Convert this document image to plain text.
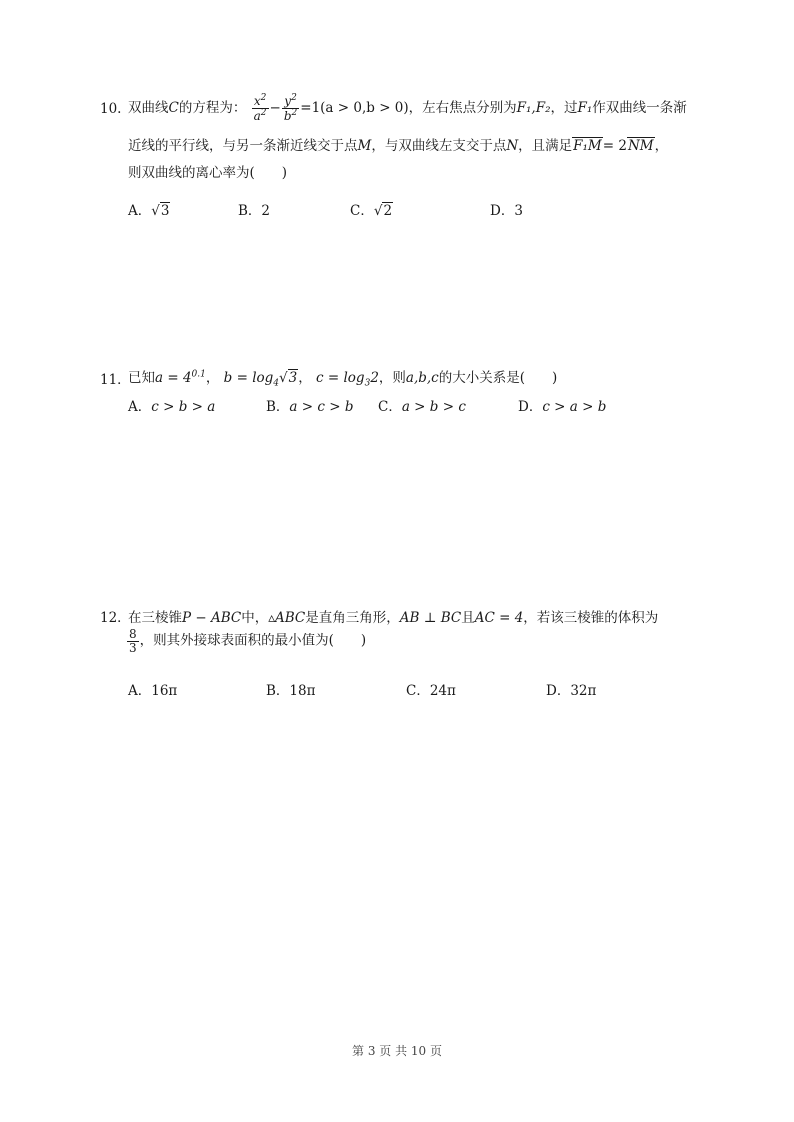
10. 双曲线C的方程为： $\frac{x^2}{a^2} - \frac{y^2}{b^2} =1(a > 0,b > 0)$，左右焦点分别为F₁,F₂，过F₁作双曲线一条渐
近线的平行线，与另一条渐近线交于点M，与双曲线左支交于点N，且满足F₁M= 2NM，
则双曲线的离心率为(　　)
A．√3	B．2	C．√2	D．3
11．
已知$a = 4^{0.1}$， $b = \log_4√3$， $c = \log_32$，则a,b,c的大小关系是(　　)
A．c > b > a	B．a > c > b C．a > b > c	D．c > a > b
12．
在三棱锥P − ABC中，▵ABC是直角三角形，AB ⊥ BC且AC = 4，若该三棱锥的体积为
$\frac{8}{3}$ ，则其外接球表面积的最小值为(　　)
A．16π	B．18π	C．24π	D．32π
第 3 页 共 10 页
